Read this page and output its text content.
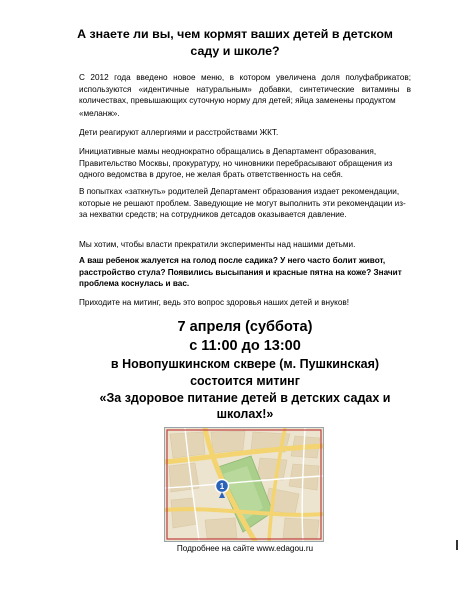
А знаете ли вы, чем кормят ваших детей в детском саду и школе?

С 2012 года введено новое меню, в котором увеличена доля полуфабрикатов; используются «идентичные натуральным» добавки, синтетические витамины в количествах, превышающих суточную норму для детей; яйца заменены продуктом

«меланж».

Дети реагируют аллергиями и расстройствами ЖКТ.

Инициативные мамы неоднократно обращались в Департамент образования, Правительство Москвы, прокуратуру, но чиновники перебрасывают обращения из одного ведомства в другое, не желая брать ответственность на себя.

В попытках «заткнуть» родителей Департамент образования издает рекомендации, которые не решают проблем. Заведующие не могут выполнить эти рекомендации из-за нехватки средств; на сотрудников детсадов оказывается давление.

Мы хотим, чтобы власти прекратили эксперименты над нашими детьми.

А ваш ребенок жалуется на голод после садика? У него часто болит живот, расстройство стула? Появились высыпания и красные пятна на коже? Значит проблема коснулась и вас.

Приходите на митинг, ведь это вопрос здоровья наших детей и внуков!

7 апреля (суббота)
с 11:00 до 13:00
в Новопушкинском сквере (м. Пушкинская)
состоится митинг
«За здоровое питание детей в детских садах и школах!»
1
Подробнее на сайте www.edagou.ru
